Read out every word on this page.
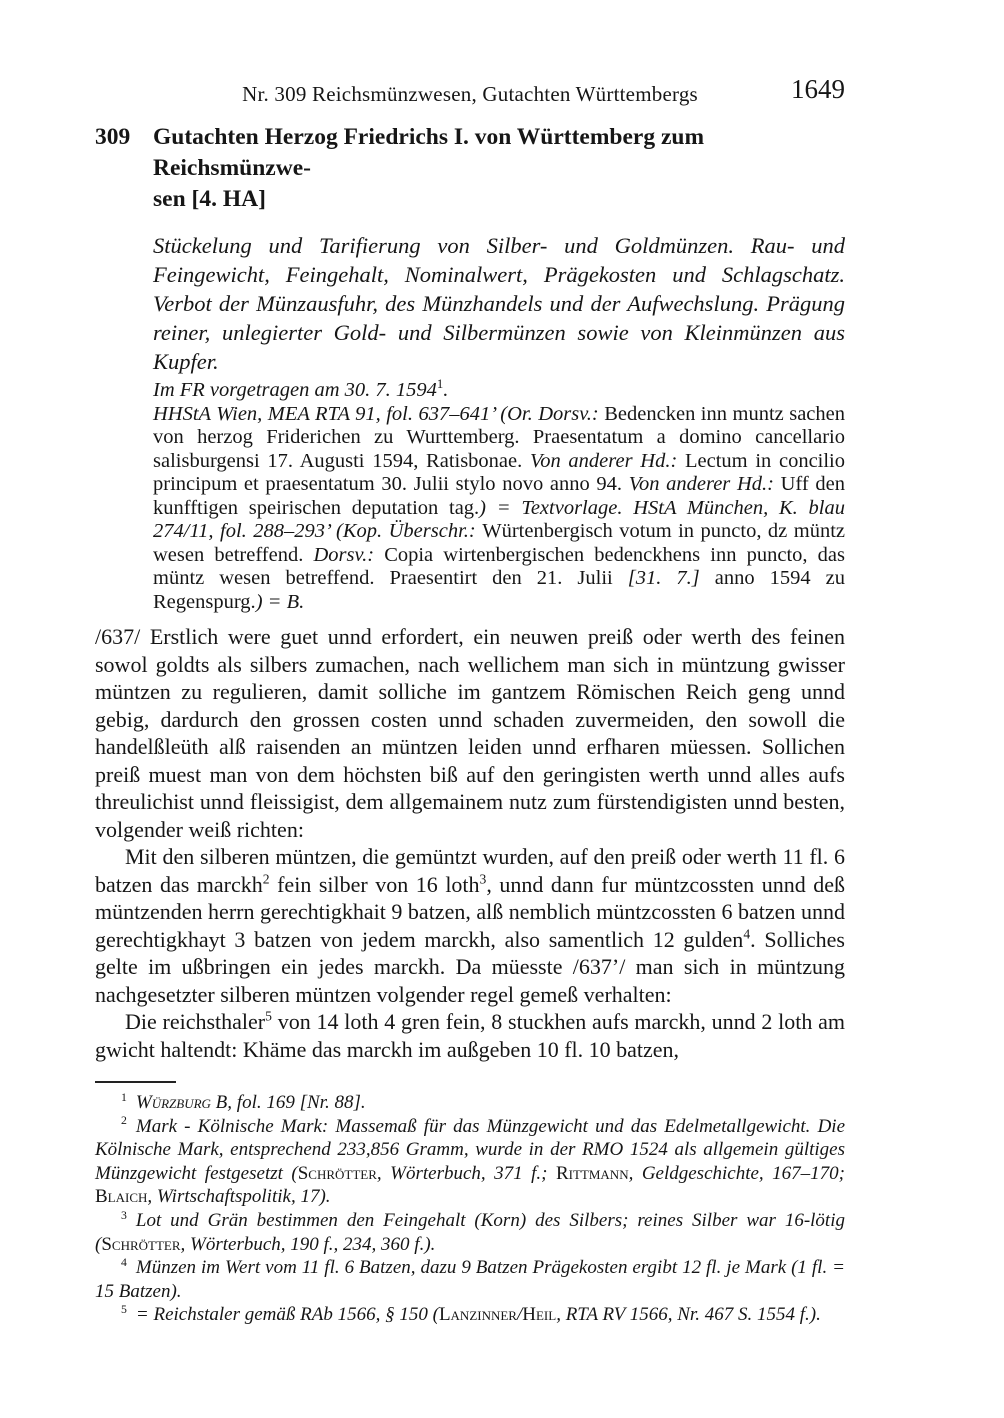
Nr. 309 Reichsmünzwesen, Gutachten Württembergs	1649
309 Gutachten Herzog Friedrichs I. von Württemberg zum Reichsmünzwe-
sen [4. HA]

Stückelung und Tarifierung von Silber- und Goldmünzen. Rau- und Feingewicht, Feingehalt, Nominalwert, Prägekosten und Schlagschatz. Verbot der Münzausfuhr, des Münzhandels und der Aufwechslung. Prägung reiner, unlegierter Gold- und Silbermünzen sowie von Kleinmünzen aus Kupfer.

Im FR vorgetragen am 30. 7. 1594$^1$.

HHStA Wien, MEA RTA 91, fol. 637–641’ (Or. Dorsv.: Bedencken inn muntz sachen von herzog Friderichen zu Wurttemberg. Praesentatum a domino cancellario salisburgensi 17. Augusti 1594, Ratisbonae. Von anderer Hd.: Lectum in concilio principum et praesentatum 30. Julii stylo novo anno 94. Von anderer Hd.: Uff den kunfftigen speirischen deputation tag.) = Textvorlage. HStA München, K. blau 274/11, fol. 288–293’ (Kop. Überschr.: Würtenbergisch votum in puncto, dz müntz wesen betreffend. Dorsv.: Copia wirtenbergischen bedenckhens inn puncto, das müntz wesen betreffend. Praesentirt den 21. Julii [31. 7.] anno 1594 zu Regenspurg.) = B.

/637/ Erstlich were guet unnd erfordert, ein neuwen preiß oder werth des feinen sowol goldts als silbers zumachen, nach wellichem man sich in müntzung gwisser müntzen zu regulieren, damit solliche im gantzem Römischen Reich geng unnd gebig, dardurch den grossen costen unnd schaden zuvermeiden, den sowoll die handelßleüth alß raisenden an müntzen leiden unnd erfharen müessen. Sollichen preiß muest man von dem höchsten biß auf den geringisten werth unnd alles aufs threulichist unnd fleissigist, dem allgemainem nutz zum fürstendigisten unnd besten, volgender weiß richten:

Mit den silberen müntzen, die gemüntzt wurden, auf den preiß oder werth 11 fl. 6 batzen das marckh$^2$ fein silber von 16 loth$^3$, unnd dann fur müntzcossten unnd deß müntzenden herrn gerechtigkhait 9 batzen, alß nemblich müntzcossten 6 batzen unnd gerechtigkhayt 3 batzen von jedem marckh, also samentlich 12 gulden$^4$. Solliches gelte im ußbringen ein jedes marckh. Da müesste /637’/ man sich in müntzung nachgesetzter silberen müntzen volgender regel gemeß verhalten:

Die reichsthaler$^5$ von 14 loth 4 gren fein, 8 stuckhen aufs marckh, unnd 2 loth am gwicht haltendt: Khäme das marckh im außgeben 10 fl. 10 batzen,

$^1$ Würzburg B, fol. 169 [Nr. 88].

$^2$ Mark - Kölnische Mark: Massemaß für das Münzgewicht und das Edelmetallgewicht. Die Kölnische Mark, entsprechend 233,856 Gramm, wurde in der RMO 1524 als allgemein gültiges Münzgewicht festgesetzt (Schrötter, Wörterbuch, 371 f.; Rittmann, Geldgeschichte, 167–170; Blaich, Wirtschaftspolitik, 17).

$^3$ Lot und Grän bestimmen den Feingehalt (Korn) des Silbers; reines Silber war 16-lötig (Schrötter, Wörterbuch, 190 f., 234, 360 f.).

$^4$ Münzen im Wert vom 11 fl. 6 Batzen, dazu 9 Batzen Prägekosten ergibt 12 fl. je Mark (1 fl. = 15 Batzen).

$^5$ = Reichstaler gemäß RAb 1566, § 150 (Lanzinner/Heil, RTA RV 1566, Nr. 467 S. 1554 f.).
